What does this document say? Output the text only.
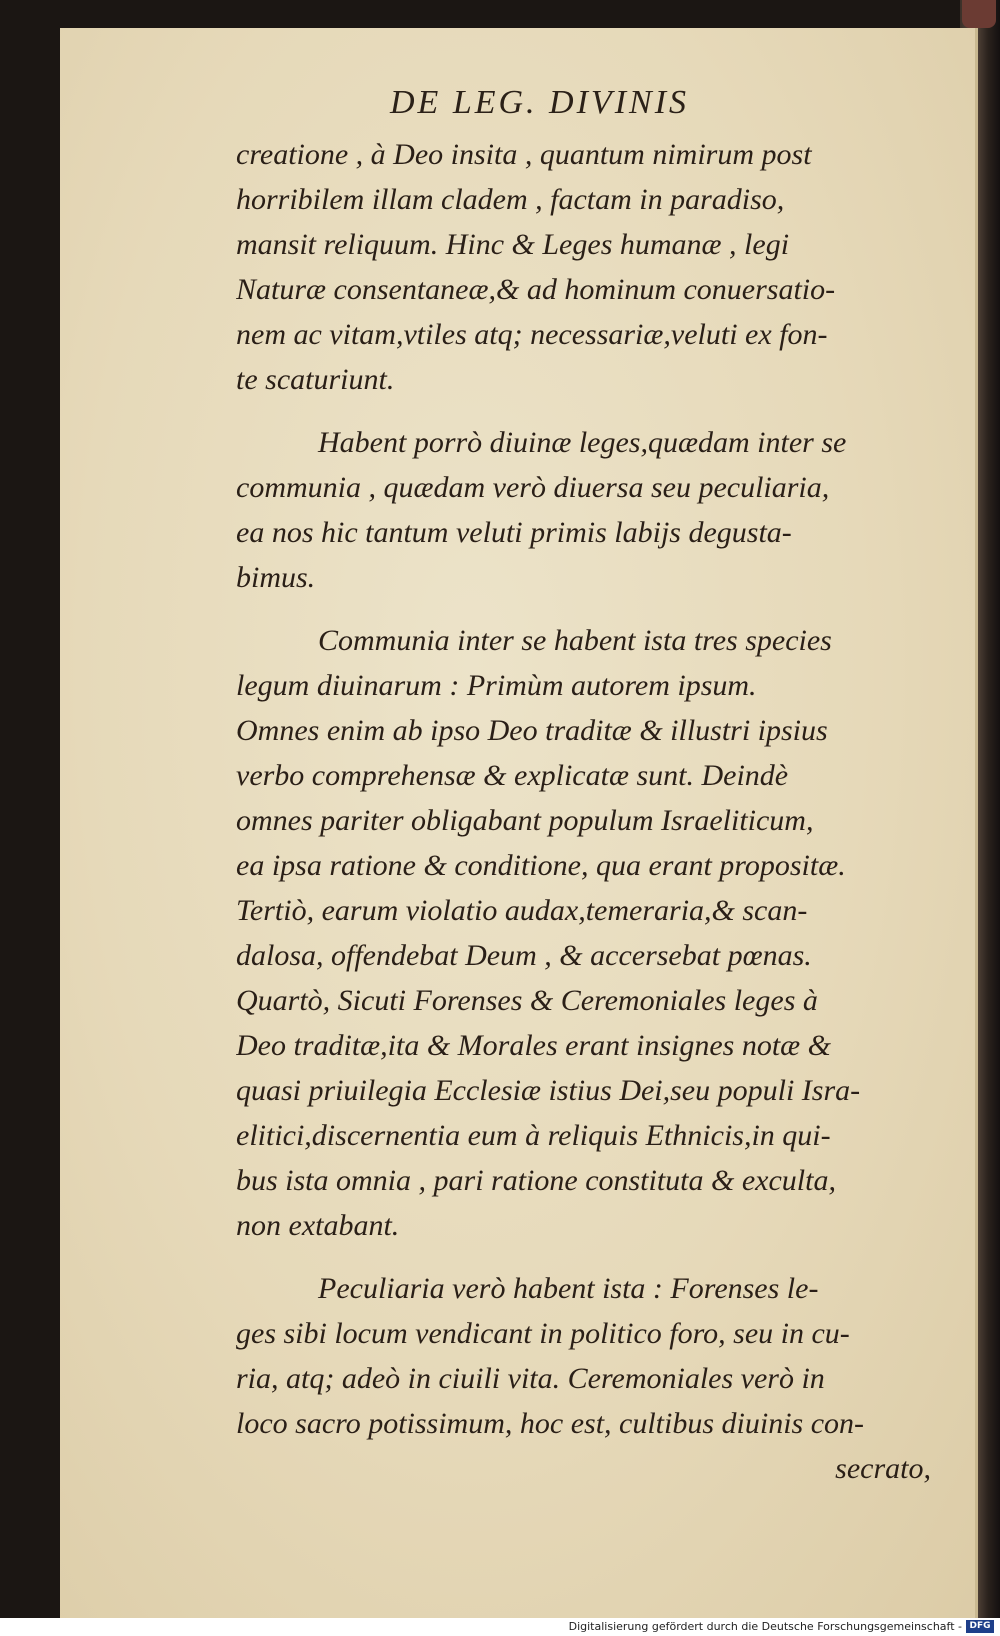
DE LEG. DIVINIS
creatione , à Deo insita , quantum nimirum post
horribilem illam cladem , factam in paradiso,
mansit reliquum. Hinc & Leges humanæ , legi
Naturæ consentaneæ,& ad hominum conuersatio-
nem ac vitam,vtiles atq; necessariæ,veluti ex fon-
te scaturiunt.
Habent porrò diuinæ leges,quædam inter se
communia , quædam verò diuersa seu peculiaria,
ea nos hic tantum veluti primis labijs degusta-
bimus.
Communia inter se habent ista tres species
legum diuinarum : Primùm autorem ipsum.
Omnes enim ab ipso Deo traditæ & illustri ipsius
verbo comprehensæ & explicatæ sunt. Deindè
omnes pariter obligabant populum Israeliticum,
ea ipsa ratione & conditione, qua erant propositæ.
Tertiò, earum violatio audax,temeraria,& scan-
dalosa, offendebat Deum , & accersebat pœnas.
Quartò, Sicuti Forenses & Ceremoniales leges à
Deo traditæ,ita & Morales erant insignes notæ &
quasi priuilegia Ecclesiæ istius Dei,seu populi Isra-
elitici,discernentia eum à reliquis Ethnicis,in qui-
bus ista omnia , pari ratione constituta & exculta,
non extabant.
Peculiaria verò habent ista : Forenses le-
ges sibi locum vendicant in politico foro, seu in cu-
ria, atq; adeò in ciuili vita. Ceremoniales verò in
loco sacro potissimum, hoc est, cultibus diuinis con-
secrato,
Digitalisierung gefördert durch die Deutsche Forschungsgemeinschaft - DFG
